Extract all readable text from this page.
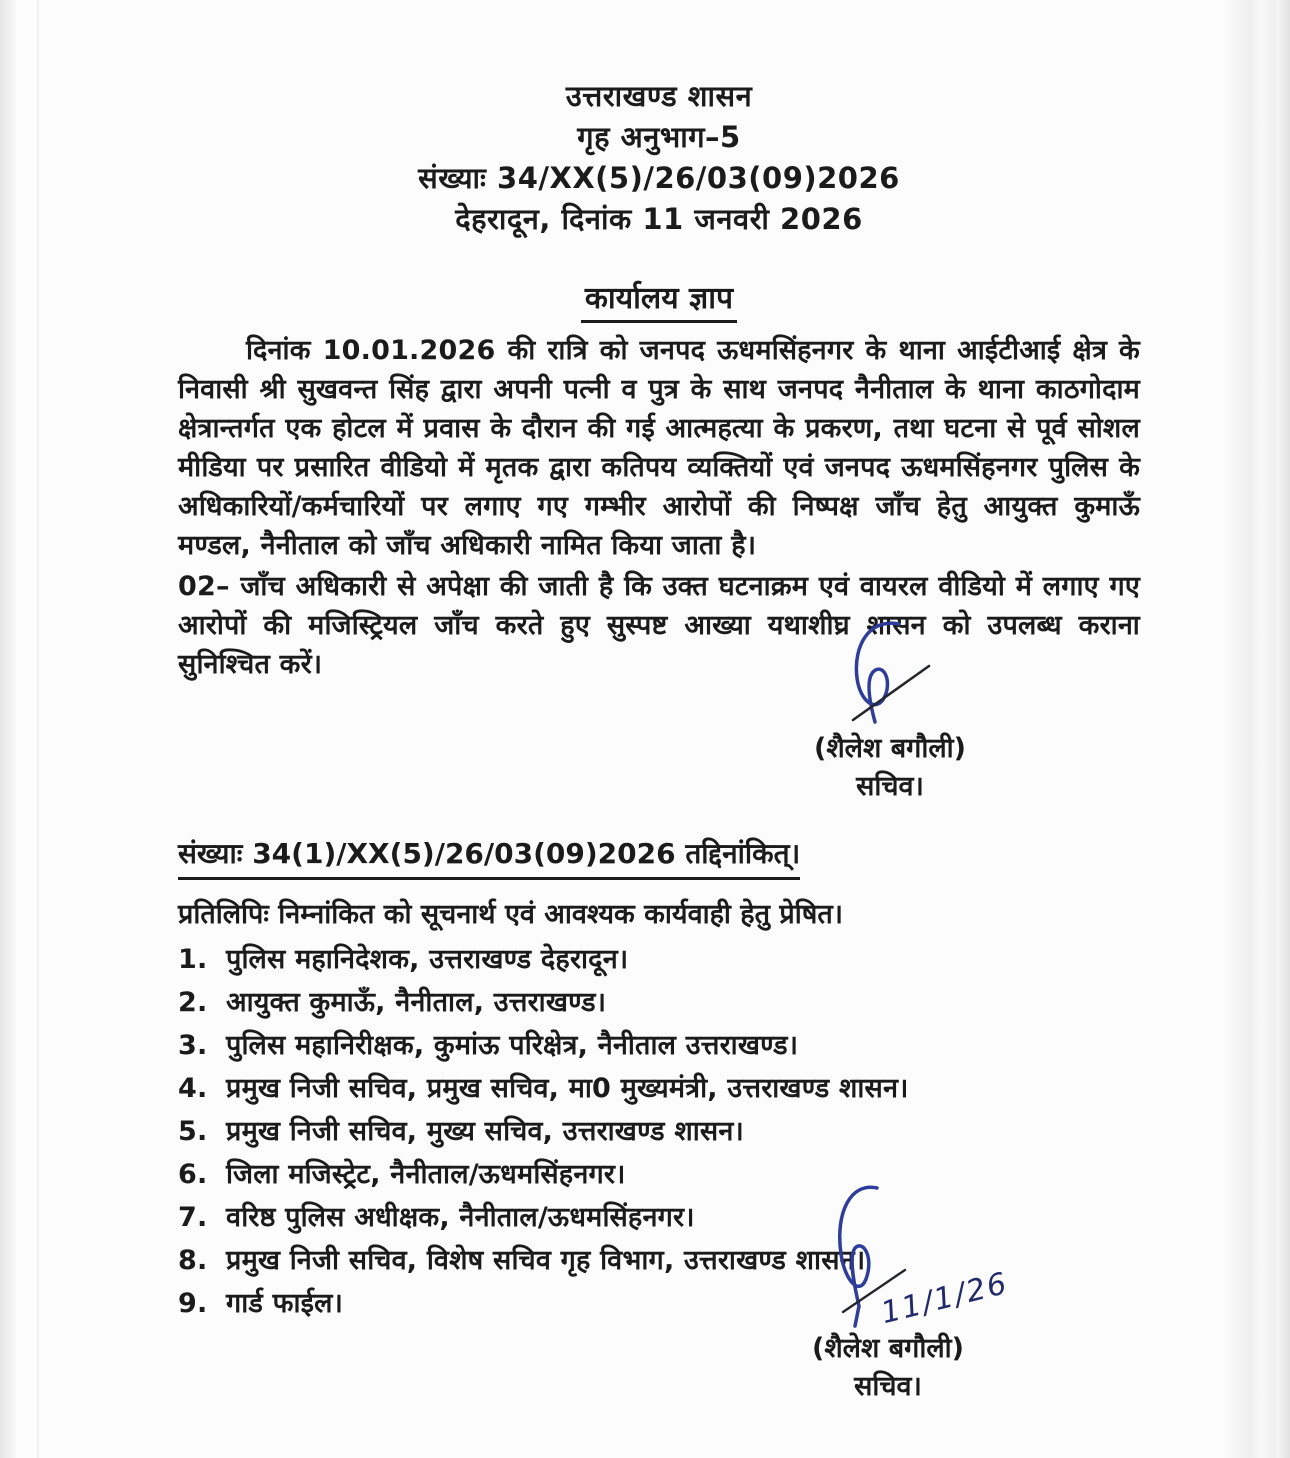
उत्तराखण्ड शासन
गृह अनुभाग–5
संख्याः 34/XX(5)/26/03(09)2026
देहरादून, दिनांक 11 जनवरी 2026
कार्यालय ज्ञाप

दिनांक 10.01.2026 की रात्रि को जनपद ऊधमसिंहनगर के थाना आईटीआई क्षेत्र के निवासी श्री सुखवन्त सिंह द्वारा अपनी पत्नी व पुत्र के साथ जनपद नैनीताल के थाना काठगोदाम क्षेत्रान्तर्गत एक होटल में प्रवास के दौरान की गई आत्महत्या के प्रकरण, तथा घटना से पूर्व सोशल मीडिया पर प्रसारित वीडियो में मृतक द्वारा कतिपय व्यक्तियों एवं जनपद ऊधमसिंहनगर पुलिस के अधिकारियों/कर्मचारियों पर लगाए गए गम्भीर आरोपों की निष्पक्ष जाँच हेतु आयुक्त कुमाऊँ मण्डल, नैनीताल को जाँच अधिकारी नामित किया जाता है।

02– जाँच अधिकारी से अपेक्षा की जाती है कि उक्त घटनाक्रम एवं वायरल वीडियो में लगाए गए आरोपों की मजिस्ट्रियल जाँच करते हुए सुस्पष्ट आख्या यथाशीघ्र शासन को उपलब्ध कराना सुनिश्चित करें।

संख्याः 34(1)/XX(5)/26/03(09)2026 तद्दिनांकित्।
प्रतिलिपिः निम्नांकित को सूचनार्थ एवं आवश्यक कार्यवाही हेतु प्रेषित।
1. पुलिस महानिदेशक, उत्तराखण्ड देहरादून।
2. आयुक्त कुमाऊँ, नैनीताल, उत्तराखण्ड।
3. पुलिस महानिरीक्षक, कुमांऊ परिक्षेत्र, नैनीताल उत्तराखण्ड।
4. प्रमुख निजी सचिव, प्रमुख सचिव, मा0 मुख्यमंत्री, उत्तराखण्ड शासन।
5. प्रमुख निजी सचिव, मुख्य सचिव, उत्तराखण्ड शासन।
6. जिला मजिस्ट्रेट, नैनीताल/ऊधमसिंहनगर।
7. वरिष्ठ पुलिस अधीक्षक, नैनीताल/ऊधमसिंहनगर।
8. प्रमुख निजी सचिव, विशेष सचिव गृह विभाग, उत्तराखण्ड शासन।
9. गार्ड फाईल।
(शैलेश बगौली)
सचिव।
11/1/26
(शैलेश बगौली)
सचिव।
